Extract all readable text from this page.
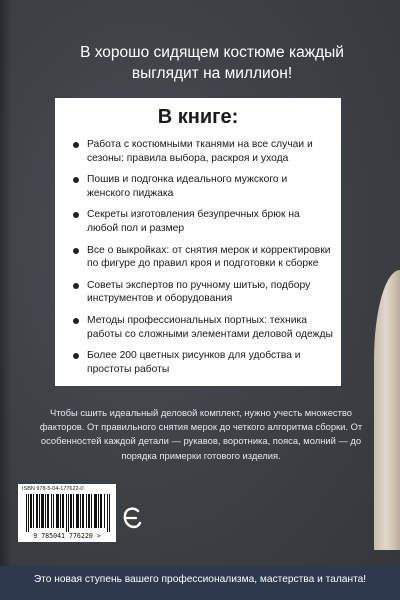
В хорошо сидящем костюме каждый выглядит на миллион!
В книге:
Работа с костюмными тканями на все случаи и сезоны: правила выбора, раскроя и ухода
Пошив и подгонка идеального мужского и женского пиджака
Секреты изготовления безупречных брюк на любой пол и размер
Все о выкройках: от снятия мерок и корректировки по фигуре до правил кроя и подготовки к сборке
Советы экспертов по ручному шитью, подбору инструментов и оборудования
Методы профессиональных портных: техника работы со сложными элементами деловой одежды
Более 200 цветных рисунков для удобства и простоты работы
Чтобы сшить идеальный деловой комплект, нужно учесть множество факторов. От правильного снятия мерок до четкого алгоритма сборки. От особенностей каждой детали — рукавов, воротника, пояса, молний — до порядка примерки готового изделия.
ISBN 978-5-04-177622-0
9 785041 776220 >
Это новая ступень вашего профессионализма, мастерства и таланта!
